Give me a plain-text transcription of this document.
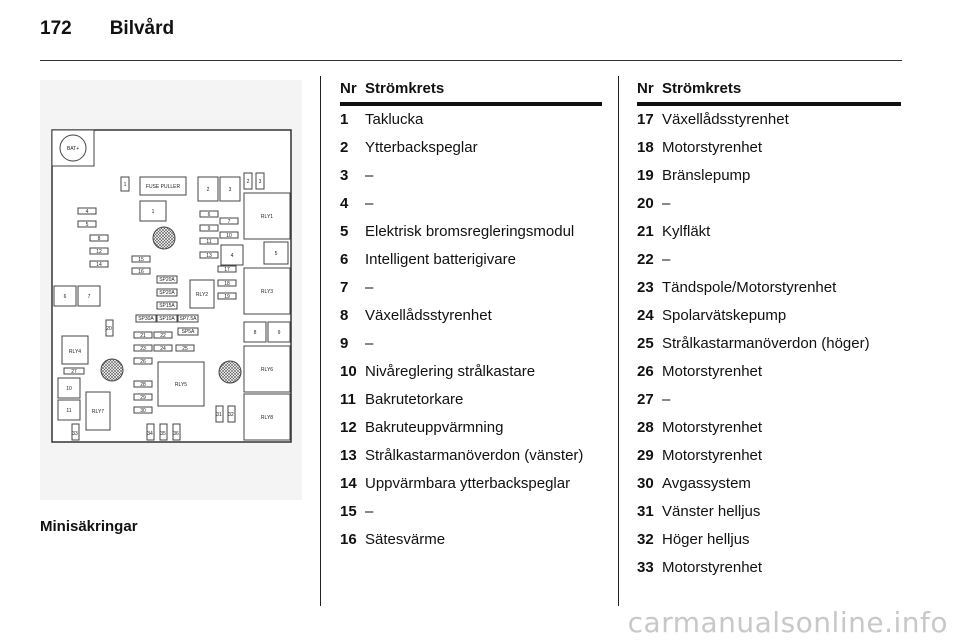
172 Bilvård
BAT+
1	FUSE PULLER	2	3
2 3
1
4
5
8
12
14
15
16
6
7
9
10
11
13	4
17
18
19
RLY1
5
RLY3
8	9
RLY6
RLY8
6	7
SP20A
SP20A
SP15A
SP30A SP10A SP7.5A
SP5A
RLY2
20
RLY4
21	22
23	24	25
26
28
29
30
RLY5
27
10
11	RLY7	31 32
33	34 35 36
Minisäkringar
Nr Strömkrets
1	Taklucka
2	Ytterbackspeglar
3	–
4	–
5	Elektrisk bromsregleringsmodul
6	Intelligent batterigivare
7	–
8	Växellådsstyrenhet
9	–
10 Nivåreglering strålkastare
11 Bakrutetorkare
12 Bakruteuppvärmning
13 Strålkastarmanöverdon (vänster)
14 Uppvärmbara ytterbackspeglar
15 –
16 Sätesvärme
Nr Strömkrets
17 Växellådsstyrenhet
18 Motorstyrenhet
19 Bränslepump
20 –
21 Kylfläkt
22 –
23 Tändspole/Motorstyrenhet
24 Spolarvätskepump
25 Strålkastarmanöverdon (höger)
26 Motorstyrenhet
27 –
28 Motorstyrenhet
29 Motorstyrenhet
30 Avgassystem
31 Vänster helljus
32 Höger helljus
33 Motorstyrenhet
carmanualsonline.info
